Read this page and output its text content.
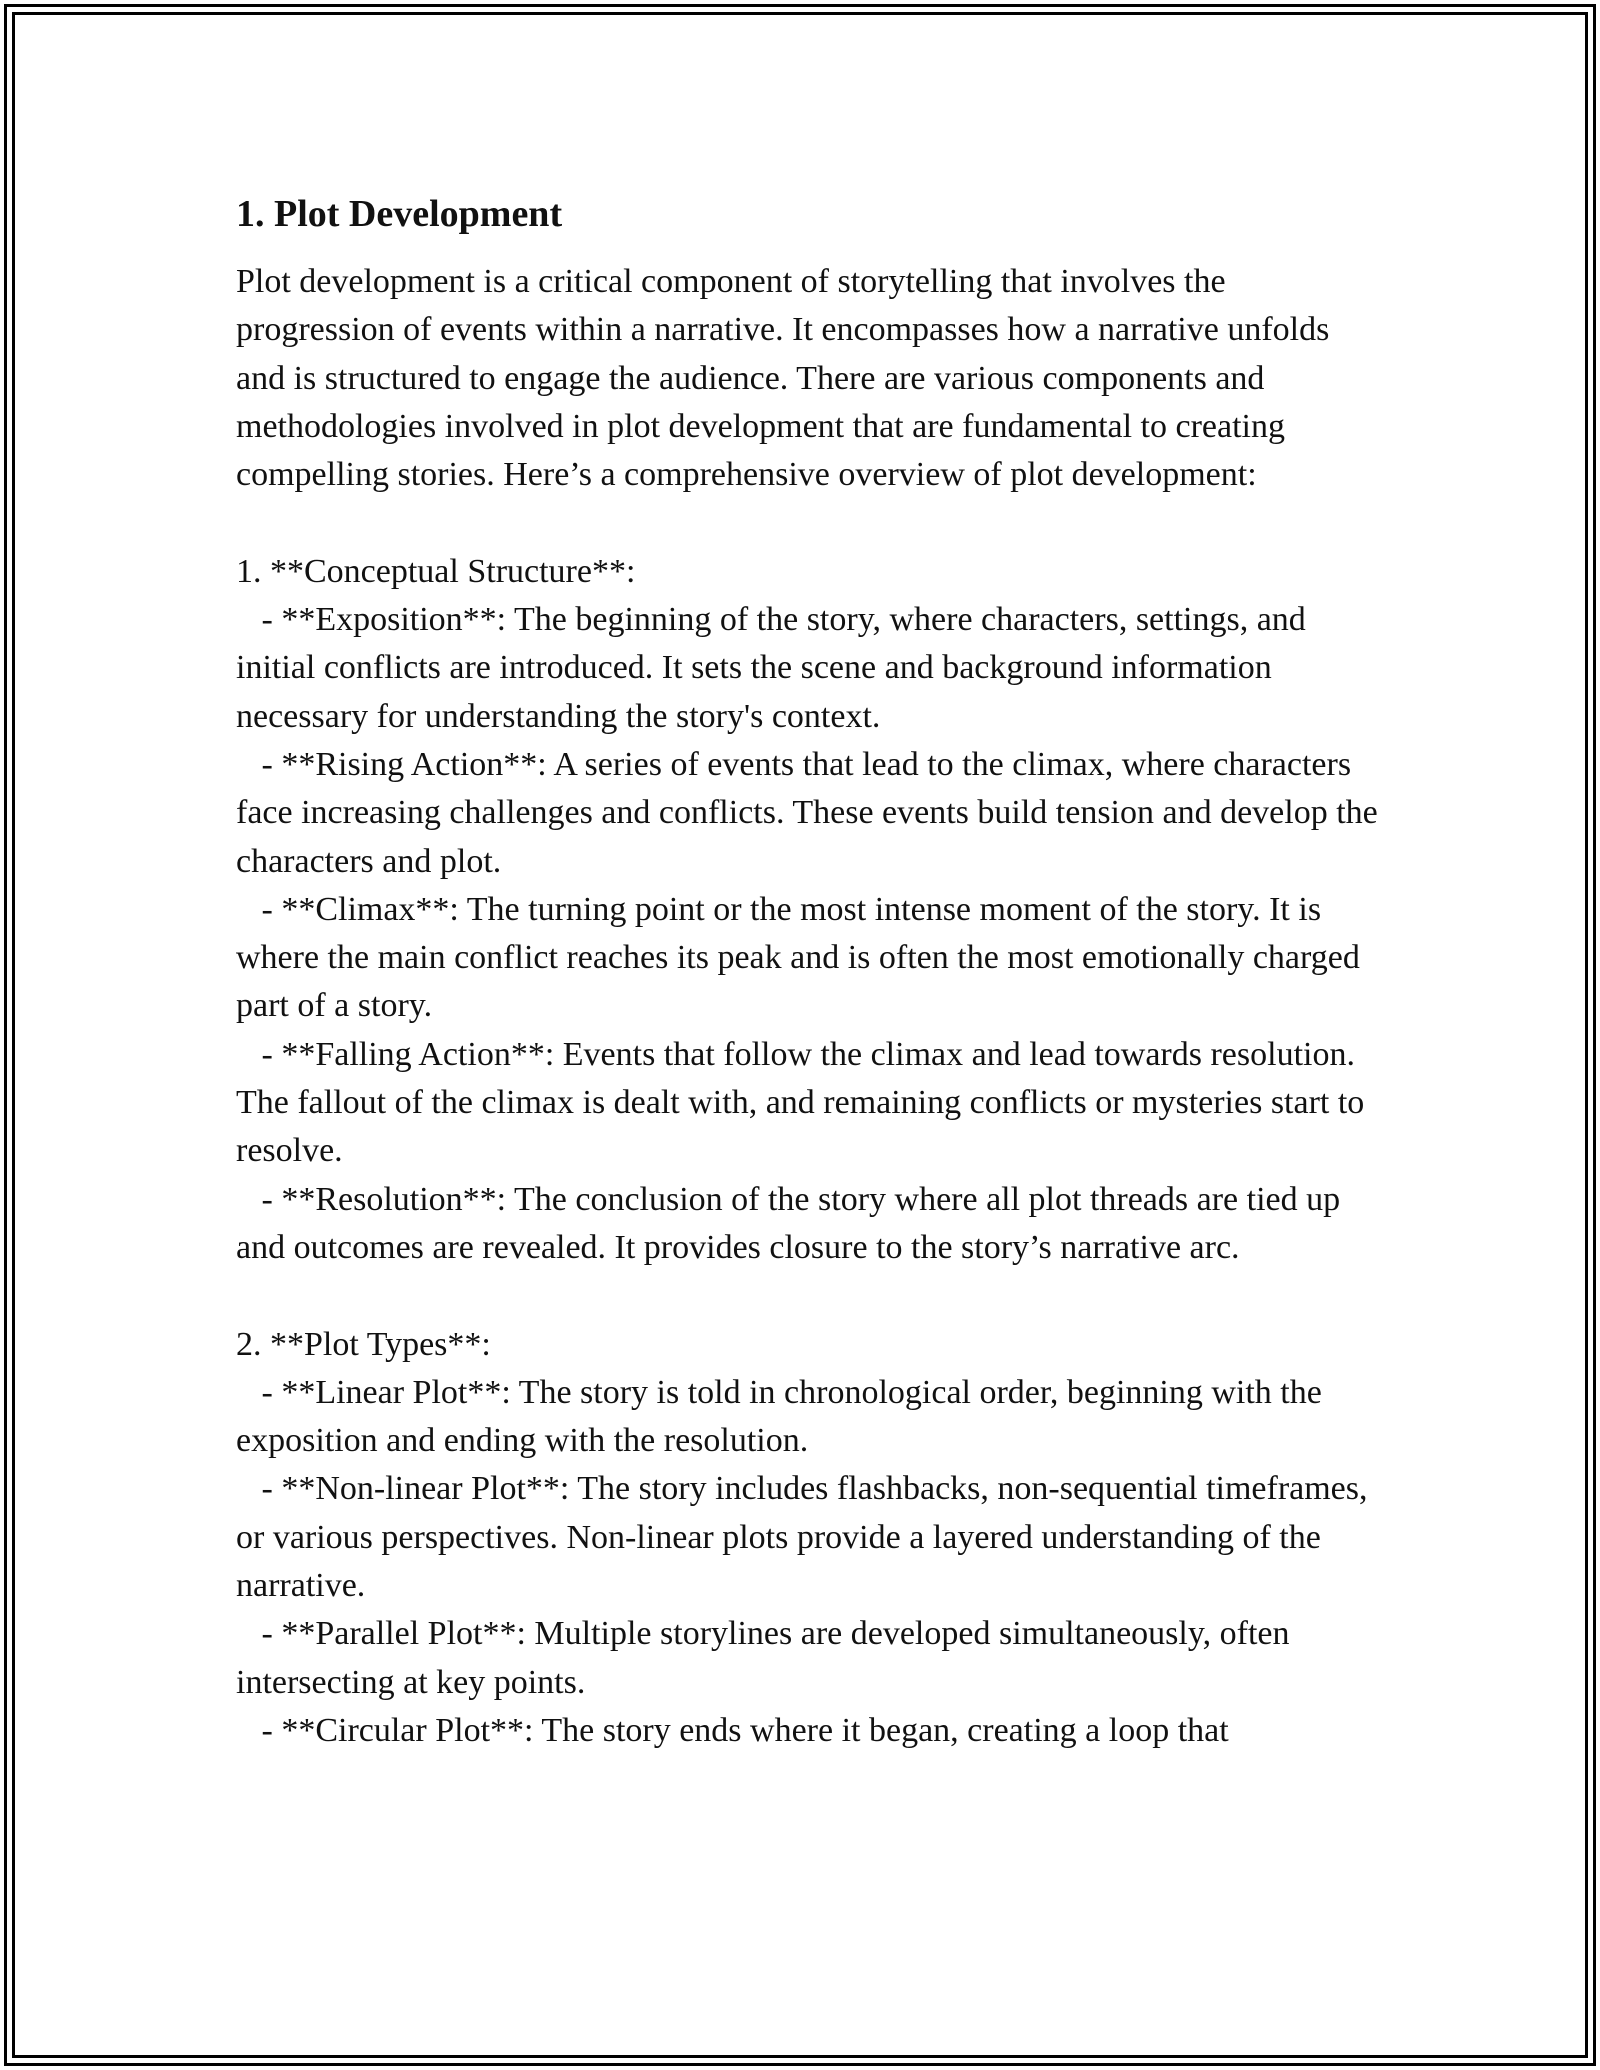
1. Plot Development

Plot development is a critical component of storytelling that involves the progression of events within a narrative. It encompasses how a narrative unfolds and is structured to engage the audience. There are various components and methodologies involved in plot development that are fundamental to creating compelling stories. Here’s a comprehensive overview of plot development:

1. **Conceptual Structure**:

- **Exposition**: The beginning of the story, where characters, settings, and initial conflicts are introduced. It sets the scene and background information necessary for understanding the story's context.

- **Rising Action**: A series of events that lead to the climax, where characters face increasing challenges and conflicts. These events build tension and develop the characters and plot.

- **Climax**: The turning point or the most intense moment of the story. It is where the main conflict reaches its peak and is often the most emotionally charged part of a story.

- **Falling Action**: Events that follow the climax and lead towards resolution. The fallout of the climax is dealt with, and remaining conflicts or mysteries start to resolve.

- **Resolution**: The conclusion of the story where all plot threads are tied up and outcomes are revealed. It provides closure to the story’s narrative arc.

2. **Plot Types**:

- **Linear Plot**: The story is told in chronological order, beginning with the exposition and ending with the resolution.

- **Non-linear Plot**: The story includes flashbacks, non-sequential timeframes, or various perspectives. Non-linear plots provide a layered understanding of the narrative.

- **Parallel Plot**: Multiple storylines are developed simultaneously, often intersecting at key points.

- **Circular Plot**: The story ends where it began, creating a loop that
